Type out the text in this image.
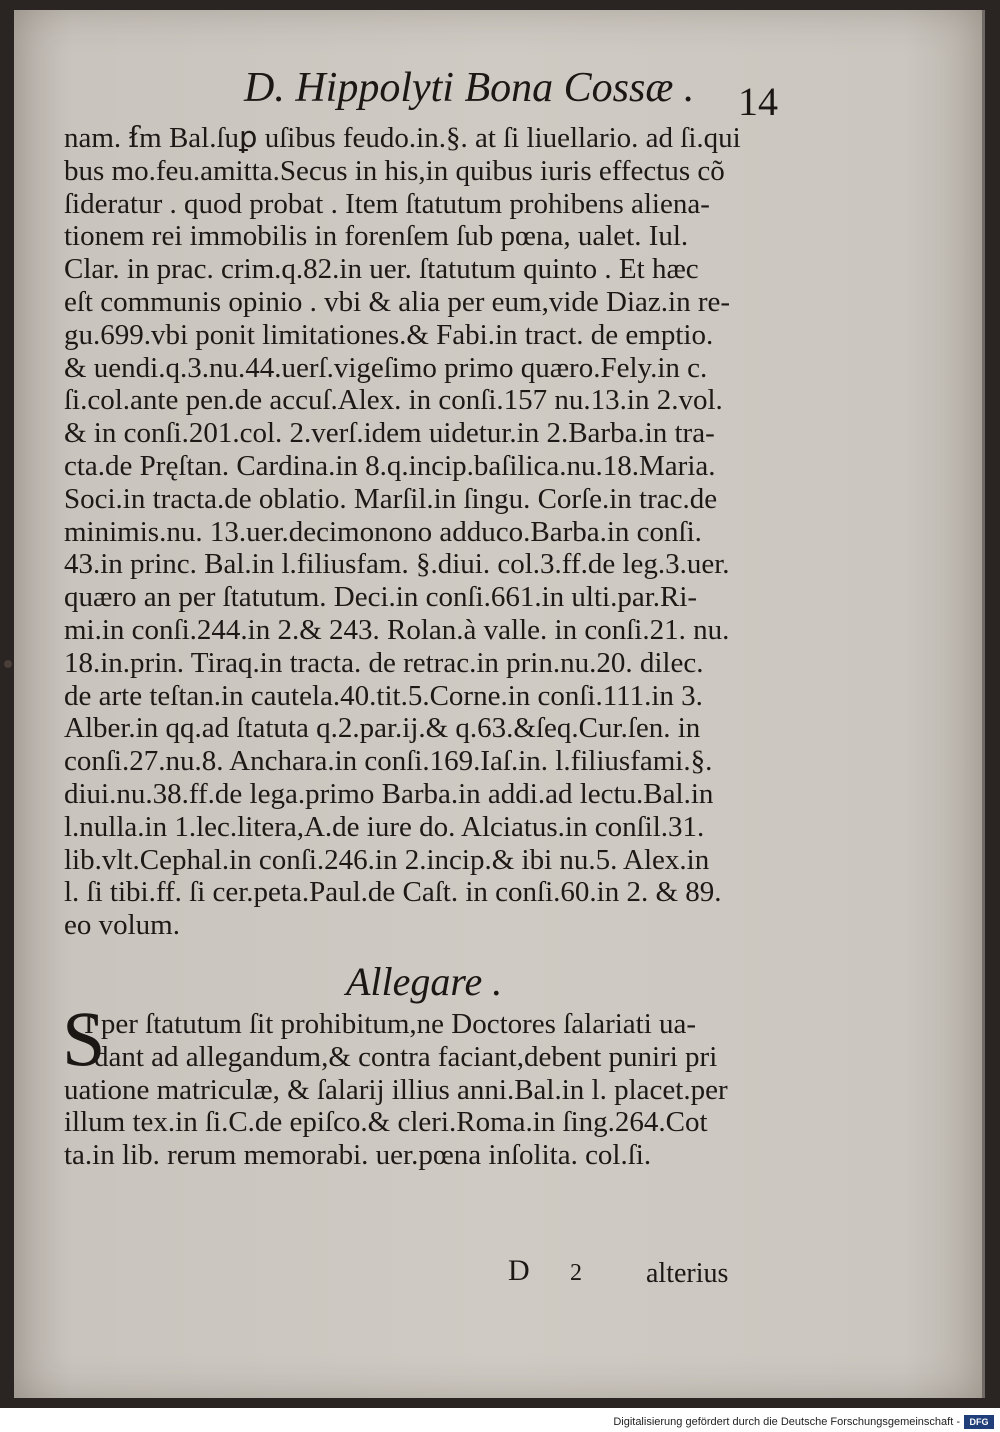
D. Hippolyti Bona Cossæ . 14
nam. ẜm Bal.ſuꝑ uſibus feudo.in.§. at ſi liuellario. ad ſi.qui
bus mo.feu.amitta.Secus in his,in quibus iuris effectus cõ
ſideratur . quod probat . Item ſtatutum prohibens aliena-
tionem rei immobilis in forenſem ſub pœna, ualet. Iul.
Clar. in prac. crim.q.82.in uer. ſtatutum quinto . Et hæc
eſt communis opinio . vbi & alia per eum,vide Diaz.in re-
gu.699.vbi ponit limitationes.& Fabi.in tract. de emptio.
& uendi.q.3.nu.44.uerſ.vigeſimo primo quæro.Fely.in c.
ſi.col.ante pen.de accuſ.Alex. in conſi.157 nu.13.in 2.vol.
& in conſi.201.col. 2.verſ.idem uidetur.in 2.Barba.in tra-
cta.de Pręſtan. Cardina.in 8.q.incip.baſilica.nu.18.Maria.
Soci.in tracta.de oblatio. Marſil.in ſingu. Corſe.in trac.de
minimis.nu. 13.uer.decimonono adduco.Barba.in conſi.
43.in princ. Bal.in l.filiusfam. §.diui. col.3.ff.de leg.3.uer.
quæro an per ſtatutum. Deci.in conſi.661.in ulti.par.Ri-
mi.in conſi.244.in 2.& 243. Rolan.à valle. in conſi.21. nu.
18.in.prin. Tiraq.in tracta. de retrac.in prin.nu.20. dilec.
de arte teſtan.in cautela.40.tit.5.Corne.in conſi.111.in 3.
Alber.in qq.ad ſtatuta q.2.par.ij.& q.63.&ſeq.Cur.ſen. in
conſi.27.nu.8. Anchara.in conſi.169.Iaſ.in. l.filiusfami.§.
diui.nu.38.ff.de lega.primo Barba.in addi.ad lectu.Bal.in
l.nulla.in 1.lec.litera,A.de iure do. Alciatus.in conſil.31.
lib.vlt.Cephal.in conſi.246.in 2.incip.& ibi nu.5. Alex.in
l. ſi tibi.ff. ſi cer.peta.Paul.de Caſt. in conſi.60.in 2. & 89.
eo volum.
Allegare .
S
I per ſtatutum ſit prohibitum,ne Doctores ſalariati ua-
dant ad allegandum,& contra faciant,debent puniri pri
uatione matriculæ, & ſalarij illius anni.Bal.in l. placet.per
illum tex.in ſi.C.de epiſco.& cleri.Roma.in ſing.264.Cot
ta.in lib. rerum memorabi. uer.pœna inſolita. col.ſi.
D 2 alterius
Digitalisierung gefördert durch die Deutsche Forschungsgemeinschaft -	DFG
